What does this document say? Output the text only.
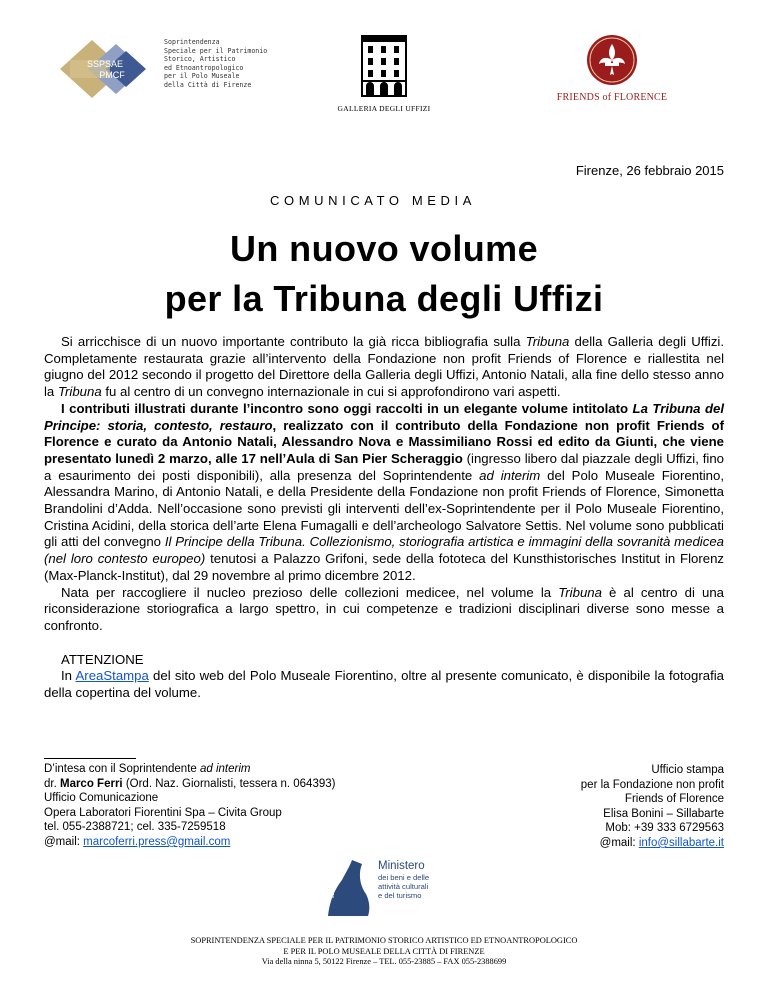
SSPSAE
PMCF
Soprintendenza
Speciale per il Patrimonio
Storico, Artistico
ed Etnoantropologico
per il Polo Museale
della Città di Firenze
GALLERIA DEGLI UFFIZI
FRIENDS of FLORENCE
Firenze, 26 febbraio 2015
COMUNICATO MEDIA
Un nuovo volume
per la Tribuna degli Uffizi

Si arricchisce di un nuovo importante contributo la già ricca bibliografia sulla Tribuna della Galleria degli Uffizi. Completamente restaurata grazie all’intervento della Fondazione non profit Friends of Florence e riallestita nel giugno del 2012 secondo il progetto del Direttore della Galleria degli Uffizi, Antonio Natali, alla fine dello stesso anno la Tribuna fu al centro di un convegno internazionale in cui si approfondirono vari aspetti.

I contributi illustrati durante l’incontro sono oggi raccolti in un elegante volume intitolato La Tribuna del Principe: storia, contesto, restauro, realizzato con il contributo della Fondazione non profit Friends of Florence e curato da Antonio Natali, Alessandro Nova e Massimiliano Rossi ed edito da Giunti, che viene presentato lunedì 2 marzo, alle 17 nell’Aula di San Pier Scheraggio (ingresso libero dal piazzale degli Uffizi, fino a esaurimento dei posti disponibili), alla presenza del Soprintendente ad interim del Polo Museale Fiorentino, Alessandra Marino, di Antonio Natali, e della Presidente della Fondazione non profit Friends of Florence, Simonetta Brandolini d’Adda. Nell’occasione sono previsti gli interventi dell’ex-Soprintendente per il Polo Museale Fiorentino, Cristina Acidini, della storica dell’arte Elena Fumagalli e dell’archeologo Salvatore Settis. Nel volume sono pubblicati gli atti del convegno Il Principe della Tribuna. Collezionismo, storiografia artistica e immagini della sovranità medicea (nel loro contesto europeo) tenutosi a Palazzo Grifoni, sede della fototeca del Kunsthistorisches Institut in Florenz (Max-Planck-Institut), dal 29 novembre al primo dicembre 2012.

Nata per raccogliere il nucleo prezioso delle collezioni medicee, nel volume la Tribuna è al centro di una riconsiderazione storiografica a largo spettro, in cui competenze e tradizioni disciplinari diverse sono messe a confronto.

ATTENZIONE
In AreaStampa del sito web del Polo Museale Fiorentino, oltre al presente comunicato, è disponibile la fotografia della copertina del volume.
D’intesa con il Soprintendente ad interim
dr. Marco Ferri (Ord. Naz. Giornalisti, tessera n. 064393)
Ufficio Comunicazione
Opera Laboratori Fiorentini Spa – Civita Group
tel. 055-2388721; cel. 335-7259518
@mail: marcoferri.press@gmail.com
Ufficio stampa
per la Fondazione non profit
Friends of Florence
Elisa Bonini – Sillabarte
Mob: +39 333 6729563
@mail: info@sillabarte.it
MiBACT
Ministero
dei beni e delle
attività culturali
e del turismo
SOPRINTENDENZA SPECIALE PER IL PATRIMONIO STORICO ARTISTICO ED ETNOANTROPOLOGICO
E PER IL POLO MUSEALE DELLA CITTÀ DI FIRENZE
Via della ninna 5, 50122 Firenze – TEL. 055-23885 – FAX 055-2388699
